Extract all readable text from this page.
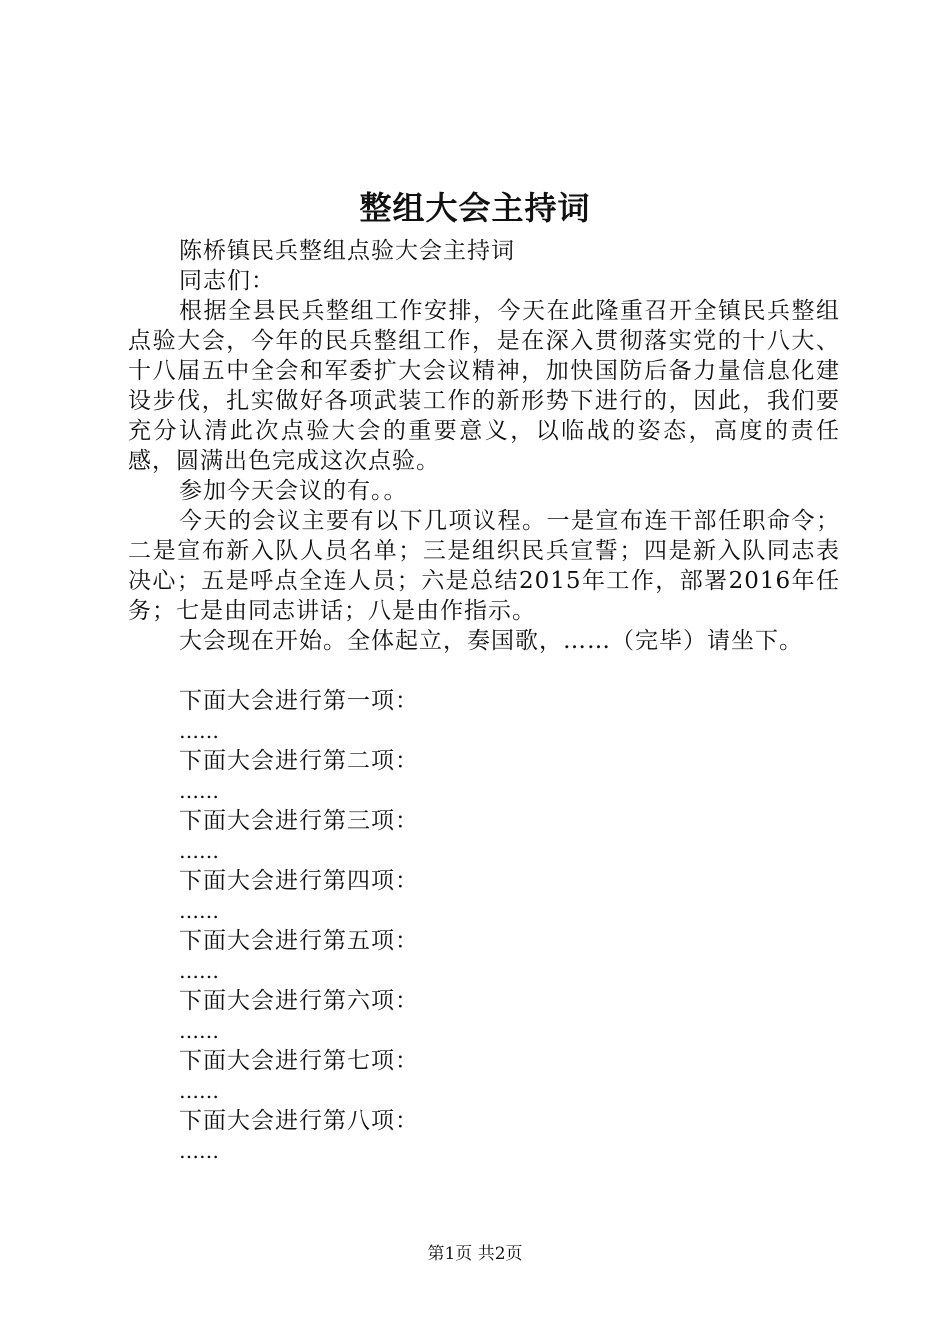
整组大会主持词

陈桥镇民兵整组点验大会主持词

同志们：

根据全县民兵整组工作安排，今天在此隆重召开全镇民兵整组点验大会，今年的民兵整组工作，是在深入贯彻落实党的十八大、十八届五中全会和军委扩大会议精神，加快国防后备力量信息化建设步伐，扎实做好各项武装工作的新形势下进行的，因此，我们要充分认清此次点验大会的重要意义，以临战的姿态，高度的责任感，圆满出色完成这次点验。

参加今天会议的有。。

今天的会议主要有以下几项议程。一是宣布连干部任职命令；二是宣布新入队人员名单；三是组织民兵宣誓；四是新入队同志表决心；五是呼点全连人员；六是总结2015年工作，部署2016年任务；七是由同志讲话；八是由作指示。

大会现在开始。全体起立，奏国歌，……（完毕）请坐下。

下面大会进行第一项：

……

下面大会进行第二项：

……

下面大会进行第三项：

……

下面大会进行第四项：

……

下面大会进行第五项：

……

下面大会进行第六项：

……

下面大会进行第七项：

……

下面大会进行第八项：

……

第1页 共2页
